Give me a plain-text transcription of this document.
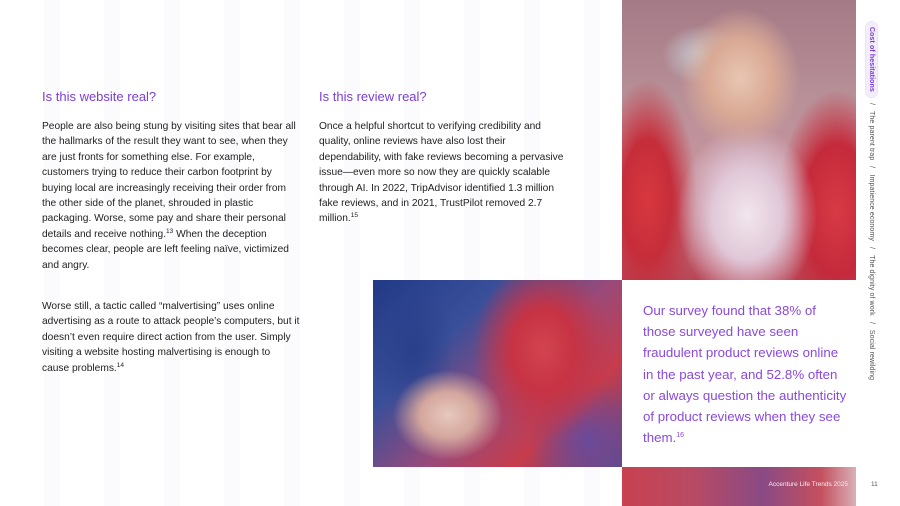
Is this website real?

People are also being stung by visiting sites that bear all the hallmarks of the result they want to see, when they are just fronts for something else. For example, customers trying to reduce their carbon footprint by buying local are increasingly receiving their order from the other side of the planet, shrouded in plastic packaging. Worse, some pay and share their personal details and receive nothing.$^{13}$ When the deception becomes clear, people are left feeling naïve, victimized and angry.

Worse still, a tactic called “malvertising” uses online advertising as a route to attack people’s computers, but it doesn’t even require direct action from the user. Simply visiting a website hosting malvertising is enough to cause problems.$^{14}$

Is this review real?

Once a helpful shortcut to verifying credibility and quality, online reviews have also lost their dependability, with fake reviews becoming a pervasive issue—even more so now they are quickly scalable through AI. In 2022, TripAdvisor identified 1.3 million fake reviews, and in 2021, TrustPilot removed 2.7 million.$^{15}$

Our survey found that 38% of those surveyed have seen fraudulent product reviews online in the past year, and 52.8% often or always question the authenticity of product reviews when they see them.$^{16}$

Accenture Life Trends 2025
Cost of hesitations / The parent trap / Impatience economy / The dignity of work / Social rewilding
11
